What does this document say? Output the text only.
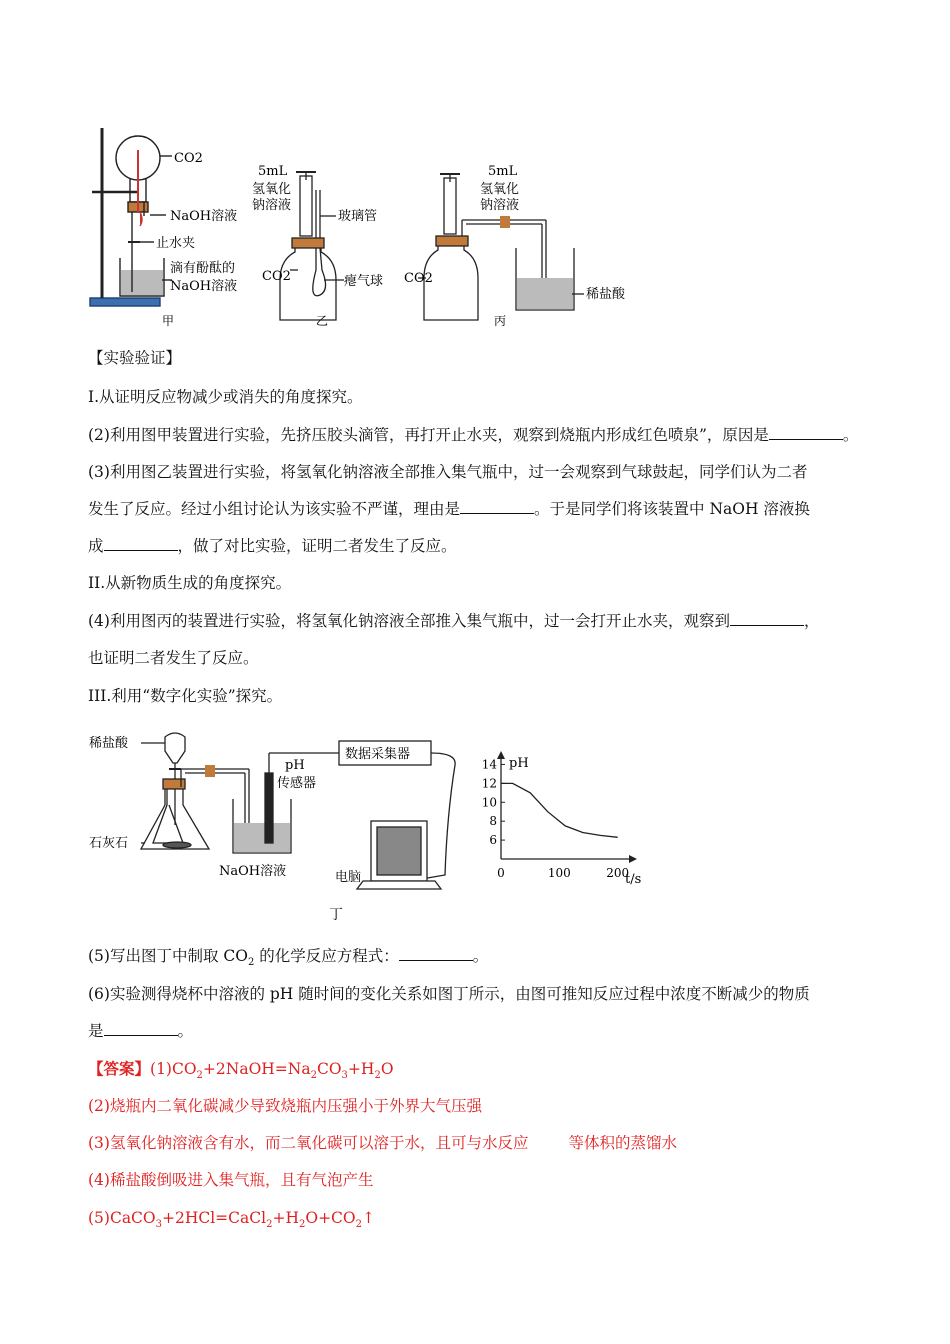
CO2
NaOH溶液
止水夹
滴有酚酞的
NaOH溶液
甲
5mL
氢氧化
钠溶液
玻璃管
CO2	瘪气球
乙
5mL
氢氧化
钠溶液
CO2
稀盐酸
丙
【实验验证】
I.从证明反应物减少或消失的角度探究。
(2)利用图甲装置进行实验，先挤压胶头滴管，再打开止水夹，观察到烧瓶内形成红色喷泉”，原因是	。
(3)利用图乙装置进行实验，将氢氧化钠溶液全部推入集气瓶中，过一会观察到气球鼓起，同学们认为二者
发生了反应。经过小组讨论认为该实验不严谨，理由是	。于是同学们将该装置中 NaOH 溶液换
成	，做了对比实验，证明二者发生了反应。
II.从新物质生成的角度探究。
(4)利用图丙的装置进行实验，将氢氧化钠溶液全部推入集气瓶中，过一会打开止水夹，观察到	，
也证明二者发生了反应。
III.利用“数字化实验”探究。
稀盐酸
石灰石
NaOH溶液
pH
传感器
数据采集器
电脑
丁
pH
t/s
14
12
10
8
6
0	100	200
(5)写出图丁中制取 $CO_2$ 的化学反应方程式：	。
(6)实验测得烧杯中溶液的 pH 随时间的变化关系如图丁所示，由图可推知反应过程中浓度不断减少的物质
是	。
【答案】$(1)CO_2+2NaOH=Na_2CO_3+H_2O$
(2)烧瓶内二氧化碳减少导致烧瓶内压强小于外界大气压强
(3)氢氧化钠溶液含有水，而二氧化碳可以溶于水，且可与水反应	等体积的蒸馏水
(4)稀盐酸倒吸进入集气瓶，且有气泡产生
$(5)CaCO_3+2HCl=CaCl_2+H_2O+CO_2↑$
